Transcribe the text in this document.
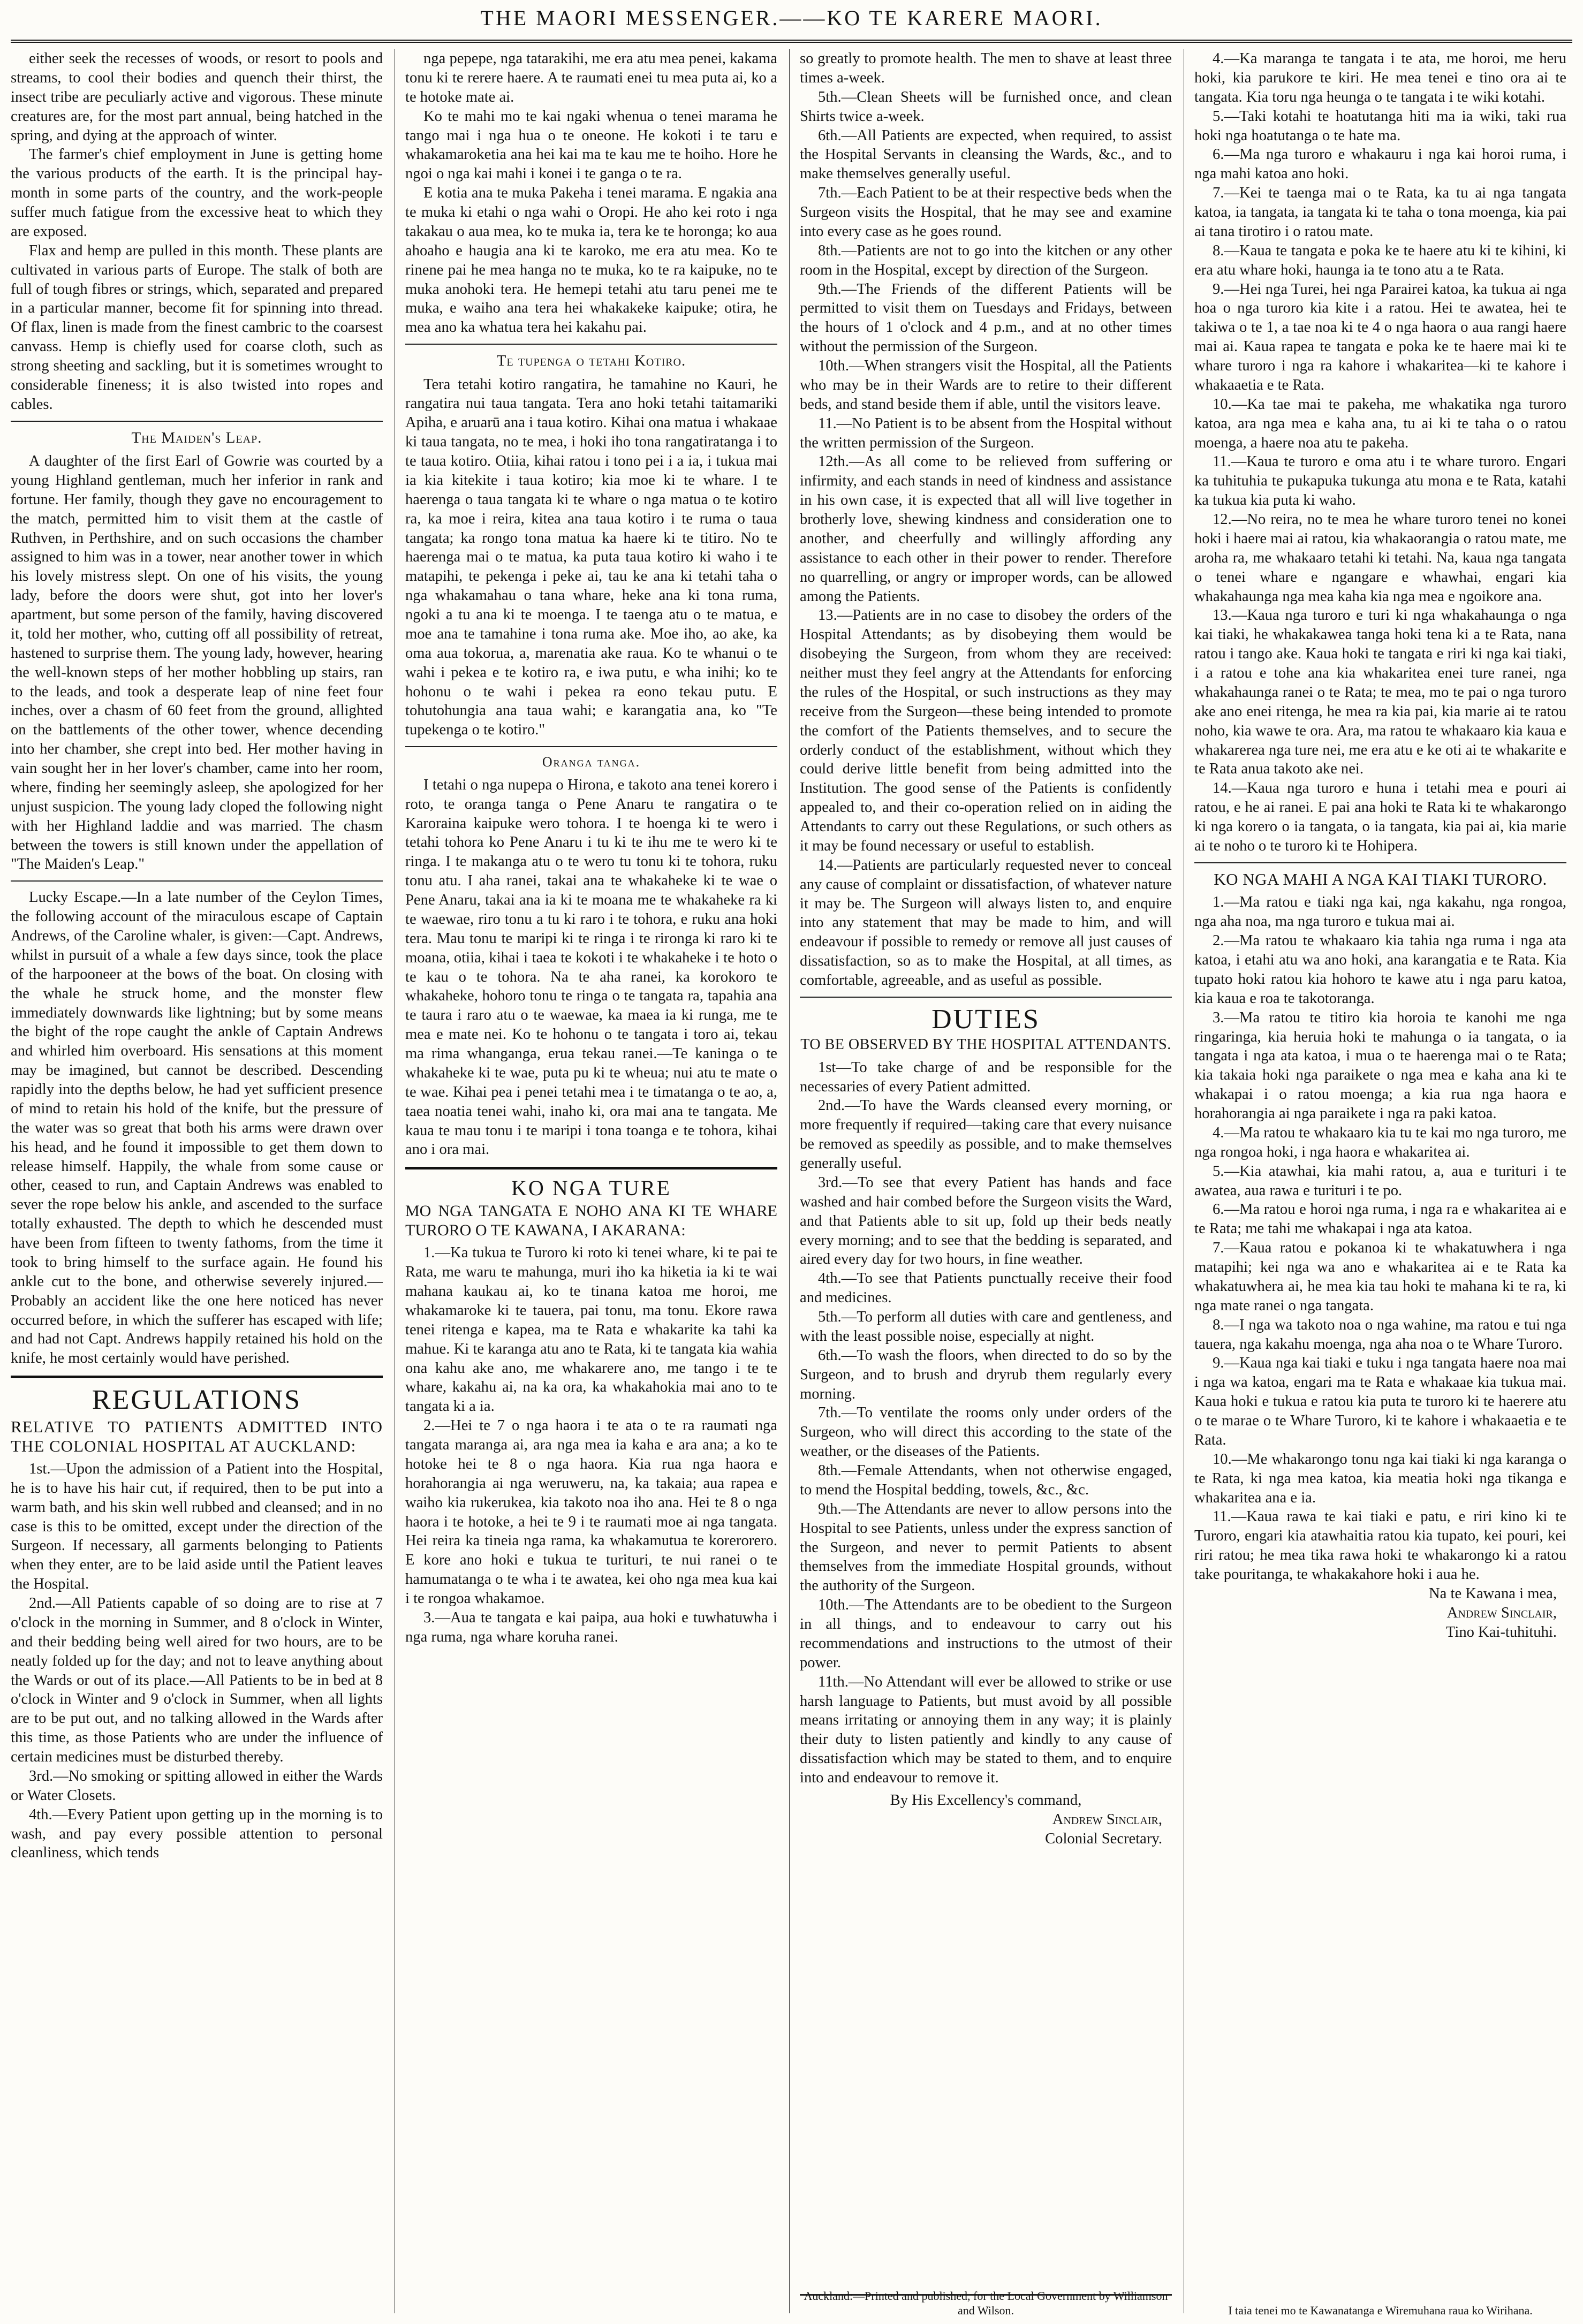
THE MAORI MESSENGER.——KO TE KARERE MAORI.

either seek the recesses of woods, or resort to pools and streams, to cool their bodies and quench their thirst, the insect tribe are peculiarly active and vigorous. These minute creatures are, for the most part annual, being hatched in the spring, and dying at the approach of winter.

The farmer's chief employment in June is getting home the various products of the earth. It is the principal hay-month in some parts of the country, and the work-people suffer much fatigue from the excessive heat to which they are exposed.

Flax and hemp are pulled in this month. These plants are cultivated in various parts of Europe. The stalk of both are full of tough fibres or strings, which, separated and prepared in a particular manner, become fit for spinning into thread. Of flax, linen is made from the finest cambric to the coarsest canvass. Hemp is chiefly used for coarse cloth, such as strong sheeting and sackling, but it is sometimes wrought to considerable fineness; it is also twisted into ropes and cables.

The Maiden's Leap.

A daughter of the first Earl of Gowrie was courted by a young Highland gentleman, much her inferior in rank and fortune. Her family, though they gave no encouragement to the match, permitted him to visit them at the castle of Ruthven, in Perthshire, and on such occasions the chamber assigned to him was in a tower, near another tower in which his lovely mistress slept. On one of his visits, the young lady, before the doors were shut, got into her lover's apartment, but some person of the family, having discovered it, told her mother, who, cutting off all possibility of retreat, hastened to surprise them. The young lady, however, hearing the well-known steps of her mother hobbling up stairs, ran to the leads, and took a desperate leap of nine feet four inches, over a chasm of 60 feet from the ground, allighted on the battlements of the other tower, whence decending into her chamber, she crept into bed. Her mother having in vain sought her in her lover's chamber, came into her room, where, finding her seemingly asleep, she apologized for her unjust suspicion. The young lady cloped the following night with her Highland laddie and was married. The chasm between the towers is still known under the appellation of "The Maiden's Leap."

Lucky Escape.—In a late number of the Ceylon Times, the following account of the miraculous escape of Captain Andrews, of the Caroline whaler, is given:—Capt. Andrews, whilst in pursuit of a whale a few days since, took the place of the harpooneer at the bows of the boat. On closing with the whale he struck home, and the monster flew immediately downwards like lightning; but by some means the bight of the rope caught the ankle of Captain Andrews and whirled him overboard. His sensations at this moment may be imagined, but cannot be described. Descending rapidly into the depths below, he had yet sufficient presence of mind to retain his hold of the knife, but the pressure of the water was so great that both his arms were drawn over his head, and he found it impossible to get them down to release himself. Happily, the whale from some cause or other, ceased to run, and Captain Andrews was enabled to sever the rope below his ankle, and ascended to the surface totally exhausted. The depth to which he descended must have been from fifteen to twenty fathoms, from the time it took to bring himself to the surface again. He found his ankle cut to the bone, and otherwise severely injured.—Probably an accident like the one here noticed has never occurred before, in which the sufferer has escaped with life; and had not Capt. Andrews happily retained his hold on the knife, he most certainly would have perished.

REGULATIONS

RELATIVE TO PATIENTS ADMITTED INTO THE COLONIAL HOSPITAL AT AUCKLAND:

1st.—Upon the admission of a Patient into the Hospital, he is to have his hair cut, if required, then to be put into a warm bath, and his skin well rubbed and cleansed; and in no case is this to be omitted, except under the direction of the Surgeon. If necessary, all garments belonging to Patients when they enter, are to be laid aside until the Patient leaves the Hospital.

2nd.—All Patients capable of so doing are to rise at 7 o'clock in the morning in Summer, and 8 o'clock in Winter, and their bedding being well aired for two hours, are to be neatly folded up for the day; and not to leave anything about the Wards or out of its place.—All Patients to be in bed at 8 o'clock in Winter and 9 o'clock in Summer, when all lights are to be put out, and no talking allowed in the Wards after this time, as those Patients who are under the influence of certain medicines must be disturbed thereby.

3rd.—No smoking or spitting allowed in either the Wards or Water Closets.

4th.—Every Patient upon getting up in the morning is to wash, and pay every possible attention to personal cleanliness, which tends

nga pepepe, nga tatarakihi, me era atu mea penei, kakama tonu ki te rerere haere. A te raumati enei tu mea puta ai, ko a te hotoke mate ai.

Ko te mahi mo te kai ngaki whenua o tenei marama he tango mai i nga hua o te oneone. He kokoti i te taru e whakamaroketia ana hei kai ma te kau me te hoiho. Hore he ngoi o nga kai mahi i konei i te ganga o te ra.

E kotia ana te muka Pakeha i tenei marama. E ngakia ana te muka ki etahi o nga wahi o Oropi. He aho kei roto i nga takakau o aua mea, ko te muka ia, tera ke te horonga; ko aua ahoaho e haugia ana ki te karoko, me era atu mea. Ko te rinene pai he mea hanga no te muka, ko te ra kaipuke, no te muka anohoki tera. He hemepi tetahi atu taru penei me te muka, e waiho ana tera hei whakakeke kaipuke; otira, he mea ano ka whatua tera hei kakahu pai.

Te tupenga o tetahi Kotiro.

Tera tetahi kotiro rangatira, he tamahine no Kauri, he rangatira nui taua tangata. Tera ano hoki tetahi taitamariki Apiha, e aruarū ana i taua kotiro. Kihai ona matua i whakaae ki taua tangata, no te mea, i hoki iho tona rangatiratanga i to te taua kotiro. Otiia, kihai ratou i tono pei i a ia, i tukua mai ia kia kitekite i taua kotiro; kia moe ki te whare. I te haerenga o taua tangata ki te whare o nga matua o te kotiro ra, ka moe i reira, kitea ana taua kotiro i te ruma o taua tangata; ka rongo tona matua ka haere ki te titiro. No te haerenga mai o te matua, ka puta taua kotiro ki waho i te matapihi, te pekenga i peke ai, tau ke ana ki tetahi taha o nga whakamahau o tana whare, heke ana ki tona ruma, ngoki a tu ana ki te moenga. I te taenga atu o te matua, e moe ana te tamahine i tona ruma ake. Moe iho, ao ake, ka oma aua tokorua, a, marenatia ake raua. Ko te whanui o te wahi i pekea e te kotiro ra, e iwa putu, e wha inihi; ko te hohonu o te wahi i pekea ra eono tekau putu. E tohutohungia ana taua wahi; e karangatia ana, ko "Te tupekenga o te kotiro."

Oranga tanga.

I tetahi o nga nupepa o Hirona, e takoto ana tenei korero i roto, te oranga tanga o Pene Anaru te rangatira o te Karoraina kaipuke wero tohora. I te hoenga ki te wero i tetahi tohora ko Pene Anaru i tu ki te ihu me te wero ki te ringa. I te makanga atu o te wero tu tonu ki te tohora, ruku tonu atu. I aha ranei, takai ana te whakaheke ki te wae o Pene Anaru, takai ana ia ki te moana me te whakaheke ra ki te waewae, riro tonu a tu ki raro i te tohora, e ruku ana hoki tera. Mau tonu te maripi ki te ringa i te rironga ki raro ki te moana, otiia, kihai i taea te kokoti i te whakaheke i te hoto o te kau o te tohora. Na te aha ranei, ka korokoro te whakaheke, hohoro tonu te ringa o te tangata ra, tapahia ana te taura i raro atu o te waewae, ka maea ia ki runga, me te mea e mate nei. Ko te hohonu o te tangata i toro ai, tekau ma rima whanganga, erua tekau ranei.—Te kaninga o te whakaheke ki te wae, puta pu ki te wheua; nui atu te mate o te wae. Kihai pea i penei tetahi mea i te timatanga o te ao, a, taea noatia tenei wahi, inaho ki, ora mai ana te tangata. Me kaua te mau tonu i te maripi i tona toanga e te tohora, kihai ano i ora mai.

KO NGA TURE

MO NGA TANGATA E NOHO ANA KI TE WHARE TURORO O TE KAWANA, I AKARANA:

1.—Ka tukua te Turoro ki roto ki tenei whare, ki te pai te Rata, me waru te mahunga, muri iho ka hiketia ia ki te wai mahana kaukau ai, ko te tinana katoa me horoi, me whakamaroke ki te tauera, pai tonu, ma tonu. Ekore rawa tenei ritenga e kapea, ma te Rata e whakarite ka tahi ka mahue. Ki te karanga atu ano te Rata, ki te tangata kia wahia ona kahu ake ano, me whakarere ano, me tango i te te whare, kakahu ai, na ka ora, ka whakahokia mai ano to te tangata ki a ia.

2.—Hei te 7 o nga haora i te ata o te ra raumati nga tangata maranga ai, ara nga mea ia kaha e ara ana; a ko te hotoke hei te 8 o nga haora. Kia rua nga haora e horahorangia ai nga weruweru, na, ka takaia; aua rapea e waiho kia rukerukea, kia takoto noa iho ana. Hei te 8 o nga haora i te hotoke, a hei te 9 i te raumati moe ai nga tangata. Hei reira ka tineia nga rama, ka whakamutua te korerorero. E kore ano hoki e tukua te turituri, te nui ranei o te hamumatanga o te wha i te awatea, kei oho nga mea kua kai i te rongoa whakamoe.

3.—Aua te tangata e kai paipa, aua hoki e tuwhatuwha i nga ruma, nga whare koruha ranei.

so greatly to promote health. The men to shave at least three times a-week.

5th.—Clean Sheets will be furnished once, and clean Shirts twice a-week.

6th.—All Patients are expected, when required, to assist the Hospital Servants in cleansing the Wards, &c., and to make themselves generally useful.

7th.—Each Patient to be at their respective beds when the Surgeon visits the Hospital, that he may see and examine into every case as he goes round.

8th.—Patients are not to go into the kitchen or any other room in the Hospital, except by direction of the Surgeon.

9th.—The Friends of the different Patients will be permitted to visit them on Tuesdays and Fridays, between the hours of 1 o'clock and 4 p.m., and at no other times without the permission of the Surgeon.

10th.—When strangers visit the Hospital, all the Patients who may be in their Wards are to retire to their different beds, and stand beside them if able, until the visitors leave.

11.—No Patient is to be absent from the Hospital without the written permission of the Surgeon.

12th.—As all come to be relieved from suffering or infirmity, and each stands in need of kindness and assistance in his own case, it is expected that all will live together in brotherly love, shewing kindness and consideration one to another, and cheerfully and willingly affording any assistance to each other in their power to render. Therefore no quarrelling, or angry or improper words, can be allowed among the Patients.

13.—Patients are in no case to disobey the orders of the Hospital Attendants; as by disobeying them would be disobeying the Surgeon, from whom they are received: neither must they feel angry at the Attendants for enforcing the rules of the Hospital, or such instructions as they may receive from the Surgeon—these being intended to promote the comfort of the Patients themselves, and to secure the orderly conduct of the establishment, without which they could derive little benefit from being admitted into the Institution. The good sense of the Patients is confidently appealed to, and their co-operation relied on in aiding the Attendants to carry out these Regulations, or such others as it may be found necessary or useful to establish.

14.—Patients are particularly requested never to conceal any cause of complaint or dissatisfaction, of whatever nature it may be. The Surgeon will always listen to, and enquire into any statement that may be made to him, and will endeavour if possible to remedy or remove all just causes of dissatisfaction, so as to make the Hospital, at all times, as comfortable, agreeable, and as useful as possible.

DUTIES
TO BE OBSERVED BY THE HOSPITAL ATTENDANTS.

1st—To take charge of and be responsible for the necessaries of every Patient admitted.

2nd.—To have the Wards cleansed every morning, or more frequently if required—taking care that every nuisance be removed as speedily as possible, and to make themselves generally useful.

3rd.—To see that every Patient has hands and face washed and hair combed before the Surgeon visits the Ward, and that Patients able to sit up, fold up their beds neatly every morning; and to see that the bedding is separated, and aired every day for two hours, in fine weather.

4th.—To see that Patients punctually receive their food and medicines.

5th.—To perform all duties with care and gentleness, and with the least possible noise, especially at night.

6th.—To wash the floors, when directed to do so by the Surgeon, and to brush and dryrub them regularly every morning.

7th.—To ventilate the rooms only under orders of the Surgeon, who will direct this according to the state of the weather, or the diseases of the Patients.

8th.—Female Attendants, when not otherwise engaged, to mend the Hospital bedding, towels, &c., &c.

9th.—The Attendants are never to allow persons into the Hospital to see Patients, unless under the express sanction of the Surgeon, and never to permit Patients to absent themselves from the immediate Hospital grounds, without the authority of the Surgeon.

10th.—The Attendants are to be obedient to the Surgeon in all things, and to endeavour to carry out his recommendations and instructions to the utmost of their power.

11th.—No Attendant will ever be allowed to strike or use harsh language to Patients, but must avoid by all possible means irritating or annoying them in any way; it is plainly their duty to listen patiently and kindly to any cause of dissatisfaction which may be stated to them, and to enquire into and endeavour to remove it.

By His Excellency's command,

Andrew Sinclair,

Colonial Secretary.

4.—Ka maranga te tangata i te ata, me horoi, me heru hoki, kia parukore te kiri. He mea tenei e tino ora ai te tangata. Kia toru nga heunga o te tangata i te wiki kotahi.

5.—Taki kotahi te hoatutanga hiti ma ia wiki, taki rua hoki nga hoatutanga o te hate ma.

6.—Ma nga turoro e whakauru i nga kai horoi ruma, i nga mahi katoa ano hoki.

7.—Kei te taenga mai o te Rata, ka tu ai nga tangata katoa, ia tangata, ia tangata ki te taha o tona moenga, kia pai ai tana tirotiro i o ratou mate.

8.—Kaua te tangata e poka ke te haere atu ki te kihini, ki era atu whare hoki, haunga ia te tono atu a te Rata.

9.—Hei nga Turei, hei nga Parairei katoa, ka tukua ai nga hoa o nga turoro kia kite i a ratou. Hei te awatea, hei te takiwa o te 1, a tae noa ki te 4 o nga haora o aua rangi haere mai ai. Kaua rapea te tangata e poka ke te haere mai ki te whare turoro i nga ra kahore i whakaritea—ki te kahore i whakaaetia e te Rata.

10.—Ka tae mai te pakeha, me whakatika nga turoro katoa, ara nga mea e kaha ana, tu ai ki te taha o o ratou moenga, a haere noa atu te pakeha.

11.—Kaua te turoro e oma atu i te whare turoro. Engari ka tuhituhia te pukapuka tukunga atu mona e te Rata, katahi ka tukua kia puta ki waho.

12.—No reira, no te mea he whare turoro tenei no konei hoki i haere mai ai ratou, kia whakaorangia o ratou mate, me aroha ra, me whakaaro tetahi ki tetahi. Na, kaua nga tangata o tenei whare e ngangare e whawhai, engari kia whakahaunga nga mea kaha kia nga mea e ngoikore ana.

13.—Kaua nga turoro e turi ki nga whakahaunga o nga kai tiaki, he whakakawea tanga hoki tena ki a te Rata, nana ratou i tango ake. Kaua hoki te tangata e riri ki nga kai tiaki, i a ratou e tohe ana kia whakaritea enei ture ranei, nga whakahaunga ranei o te Rata; te mea, mo te pai o nga turoro ake ano enei ritenga, he mea ra kia pai, kia marie ai te ratou noho, kia wawe te ora. Ara, ma ratou te whakaaro kia kaua e whakarerea nga ture nei, me era atu e ke oti ai te whakarite e te Rata anua takoto ake nei.

14.—Kaua nga turoro e huna i tetahi mea e pouri ai ratou, e he ai ranei. E pai ana hoki te Rata ki te whakarongo ki nga korero o ia tangata, o ia tangata, kia pai ai, kia marie ai te noho o te turoro ki te Hohipera.

KO NGA MAHI A NGA KAI TIAKI TURORO.

1.—Ma ratou e tiaki nga kai, nga kakahu, nga rongoa, nga aha noa, ma nga turoro e tukua mai ai.

2.—Ma ratou te whakaaro kia tahia nga ruma i nga ata katoa, i etahi atu wa ano hoki, ana karangatia e te Rata. Kia tupato hoki ratou kia hohoro te kawe atu i nga paru katoa, kia kaua e roa te takotoranga.

3.—Ma ratou te titiro kia horoia te kanohi me nga ringaringa, kia heruia hoki te mahunga o ia tangata, o ia tangata i nga ata katoa, i mua o te haerenga mai o te Rata; kia takaia hoki nga paraikete o nga mea e kaha ana ki te whakapai i o ratou moenga; a kia rua nga haora e horahorangia ai nga paraikete i nga ra paki katoa.

4.—Ma ratou te whakaaro kia tu te kai mo nga turoro, me nga rongoa hoki, i nga haora e whakaritea ai.

5.—Kia atawhai, kia mahi ratou, a, aua e turituri i te awatea, aua rawa e turituri i te po.

6.—Ma ratou e horoi nga ruma, i nga ra e whakaritea ai e te Rata; me tahi me whakapai i nga ata katoa.

7.—Kaua ratou e pokanoa ki te whakatuwhera i nga matapihi; kei nga wa ano e whakaritea ai e te Rata ka whakatuwhera ai, he mea kia tau hoki te mahana ki te ra, ki nga mate ranei o nga tangata.

8.—I nga wa takoto noa o nga wahine, ma ratou e tui nga tauera, nga kakahu moenga, nga aha noa o te Whare Turoro.

9.—Kaua nga kai tiaki e tuku i nga tangata haere noa mai i nga wa katoa, engari ma te Rata e whakaae kia tukua mai. Kaua hoki e tukua e ratou kia puta te turoro ki te haerere atu o te marae o te Whare Turoro, ki te kahore i whakaaetia e te Rata.

10.—Me whakarongo tonu nga kai tiaki ki nga karanga o te Rata, ki nga mea katoa, kia meatia hoki nga tikanga e whakaritea ana e ia.

11.—Kaua rawa te kai tiaki e patu, e riri kino ki te Turoro, engari kia atawhaitia ratou kia tupato, kei pouri, kei riri ratou; he mea tika rawa hoki te whakarongo ki a ratou take pouritanga, te whakakahore hoki i aua he.

Na te Kawana i mea,

Andrew Sinclair,

Tino Kai-tuhituhi.

Auckland:—Printed and published, for the Local Government by Williamson and Wilson.	I taia tenei mo te Kawanatanga e Wiremuhana raua ko Wirihana.
